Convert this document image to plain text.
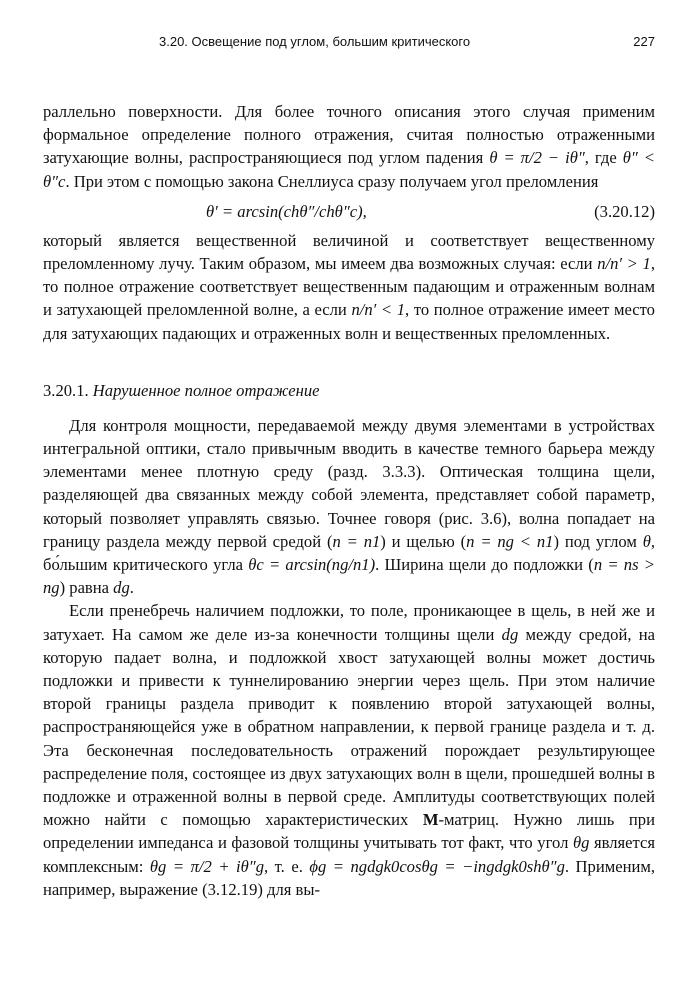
3.20. Освещение под углом, большим критического	227

раллельно поверхности. Для более точного описания этого случая применим формальное определение полного отражения, считая полностью отраженными затухающие волны, распространяющиеся под углом падения θ = π/2 − iθ″, где θ″ < θ″c. При этом с помощью закона Снеллиуса сразу получаем угол преломления

θ′ = arcsin(chθ″/chθ″c),	(3.20.12)

который является вещественной величиной и соответствует вещественному преломленному лучу. Таким образом, мы имеем два возможных случая: если n/n′ > 1, то полное отражение соответствует вещественным падающим и отраженным волнам и затухающей преломленной волне, а если n/n′ < 1, то полное отражение имеет место для затухающих падающих и отраженных волн и вещественных преломленных.

3.20.1. Нарушенное полное отражение

Для контроля мощности, передаваемой между двумя элементами в устройствах интегральной оптики, стало привычным вводить в качестве темного барьера между элементами менее плотную среду (разд. 3.3.3). Оптическая толщина щели, разделяющей два связанных между собой элемента, представляет собой параметр, который позволяет управлять связью. Точнее говоря (рис. 3.6), волна попадает на границу раздела между первой средой (n = n1) и щелью (n = ng < n1) под углом θ, бо́льшим критического угла θc = arcsin(ng/n1). Ширина щели до подложки (n = ns > ng) равна dg.

Если пренебречь наличием подложки, то поле, проникающее в щель, в ней же и затухает. На самом же деле из-за конечности толщины щели dg между средой, на которую падает волна, и подложкой хвост затухающей волны может достичь подложки и привести к туннелированию энергии через щель. При этом наличие второй границы раздела приводит к появлению второй затухающей волны, распространяющейся уже в обратном направлении, к первой границе раздела и т. д. Эта бесконечная последовательность отражений порождает результирующее распределение поля, состоящее из двух затухающих волн в щели, прошедшей волны в подложке и отраженной волны в первой среде. Амплитуды соответствующих полей можно найти с помощью характеристических M-матриц. Нужно лишь при определении импеданса и фазовой толщины учитывать тот факт, что угол θg является комплексным: θg = π/2 + iθ″g, т. е. ϕg = ngdgk0cosθg = −ingdgk0shθ″g. Применим, например, выражение (3.12.19) для вы-
